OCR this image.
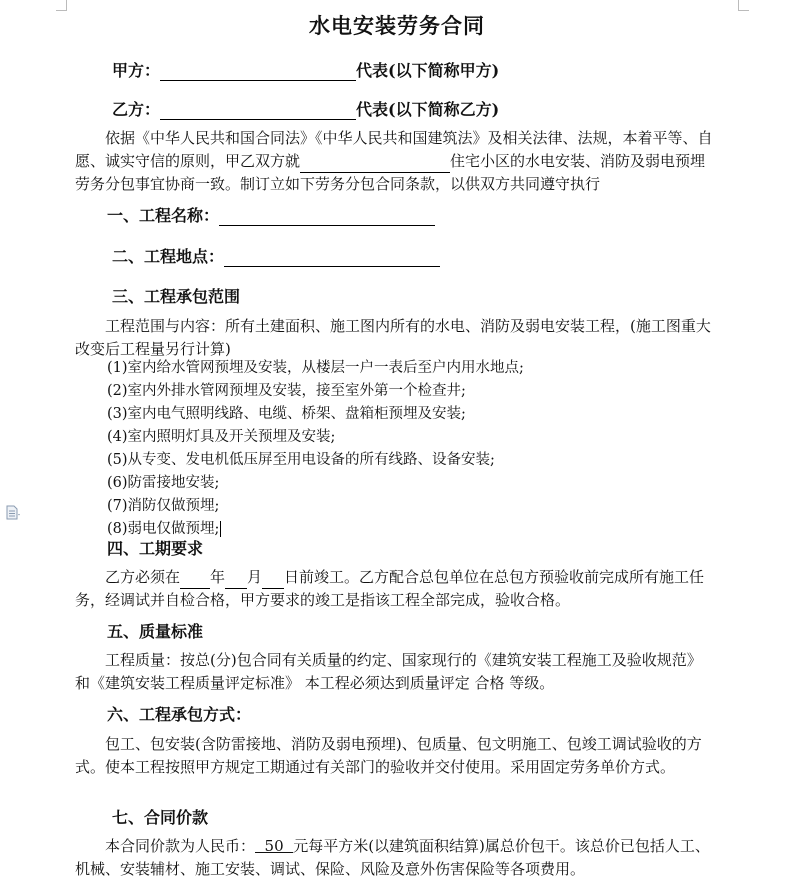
水电安装劳务合同
甲方：	代表(以下简称甲方)
乙方：	代表(以下简称乙方)
依据《中华人民共和国合同法》《中华人民共和国建筑法》及相关法律、法规，本着平等、自愿、诚实守信的原则，甲乙双方就	住宅小区的水电安装、消防及弱电预埋劳务分包事宜协商一致。制订立如下劳务分包合同条款，以供双方共同遵守执行
一、工程名称：
二、工程地点：
三、工程承包范围
工程范围与内容：所有土建面积、施工图内所有的水电、消防及弱电安装工程，(施工图重大改变后工程量另行计算)
(1)室内给水管网预埋及安装，从楼层一户一表后至户内用水地点;
(2)室内外排水管网预埋及安装，接至室外第一个检查井;
(3)室内电气照明线路、电缆、桥架、盘箱柜预埋及安装;
(4)室内照明灯具及开关预埋及安装;
(5)从专变、发电机低压屏至用电设备的所有线路、设备安装;
(6)防雷接地安装;
(7)消防仅做预埋;
(8)弱电仅做预埋;
四、工期要求
乙方必须在 年 月 日前竣工。乙方配合总包单位在总包方预验收前完成所有施工任务，经调试并自检合格，甲方要求的竣工是指该工程全部完成，验收合格。
五、质量标准
工程质量：按总(分)包合同有关质量的约定、国家现行的《建筑安装工程施工及验收规范》和《建筑安装工程质量评定标准》 本工程必须达到质量评定 合格 等级。
六、工程承包方式：
包工、包安装(含防雷接地、消防及弱电预埋)、包质量、包文明施工、包竣工调试验收的方式。使本工程按照甲方规定工期通过有关部门的验收并交付使用。采用固定劳务单价方式。
七、合同价款
本合同价款为人民币：  50  元每平方米(以建筑面积结算)属总价包干。该总价已包括人工、机械、安装辅材、施工安装、调试、保险、风险及意外伤害保险等各项费用。
